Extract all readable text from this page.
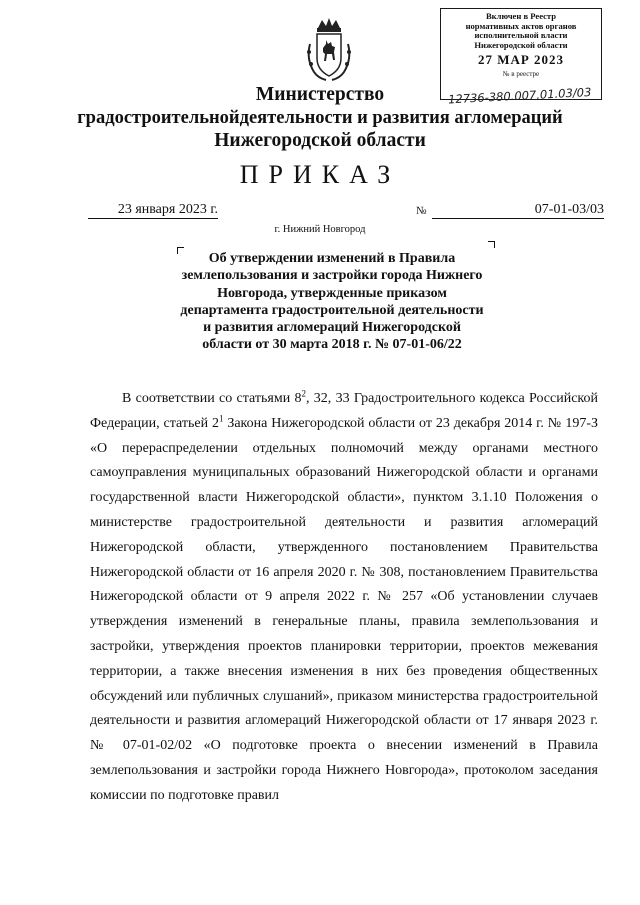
Включен в Реестр
нормативных актов органов
исполнительной власти
Нижегородской области
27 МАР 2023
№ в реестре
12736-380.007.01.03/03
Министерство
градостроительнойдеятельности и развития агломераций
Нижегородской области
ПРИКАЗ
23 января 2023 г.
г. Нижний Новгород
№	07-01-03/03
Об утверждении изменений в Правила землепользования и застройки города Нижнего Новгорода, утвержденные приказом департамента градостроительной деятельности и развития агломераций Нижегородской области от 30 марта 2018 г. № 07-01-06/22

В соответствии со статьями $8^2$, 32, 33 Градостроительного кодекса Российской Федерации, статьей $2^1$ Закона Нижегородской области от 23 декабря 2014 г. № 197-З «О перераспределении отдельных полномочий между органами местного самоуправления муниципальных образований Нижегородской области и органами государственной власти Нижегородской области», пунктом 3.1.10 Положения о министерстве градостроительной деятельности и развития агломераций Нижегородской области, утвержденного постановлением Правительства Нижегородской области от 16 апреля 2020 г. № 308, постановлением Правительства Нижегородской области от 9 апреля 2022 г. № 257 «Об установлении случаев утверждения изменений в генеральные планы, правила землепользования и застройки, утверждения проектов планировки территории, проектов межевания территории, а также внесения изменения в них без проведения общественных обсуждений или публичных слушаний», приказом министерства градостроительной деятельности и развития агломераций Нижегородской области от 17 января 2023 г. № 07-01-02/02 «О подготовке проекта о внесении изменений в Правила землепользования и застройки города Нижнего Новгорода», протоколом заседания комиссии по подготовке правил
